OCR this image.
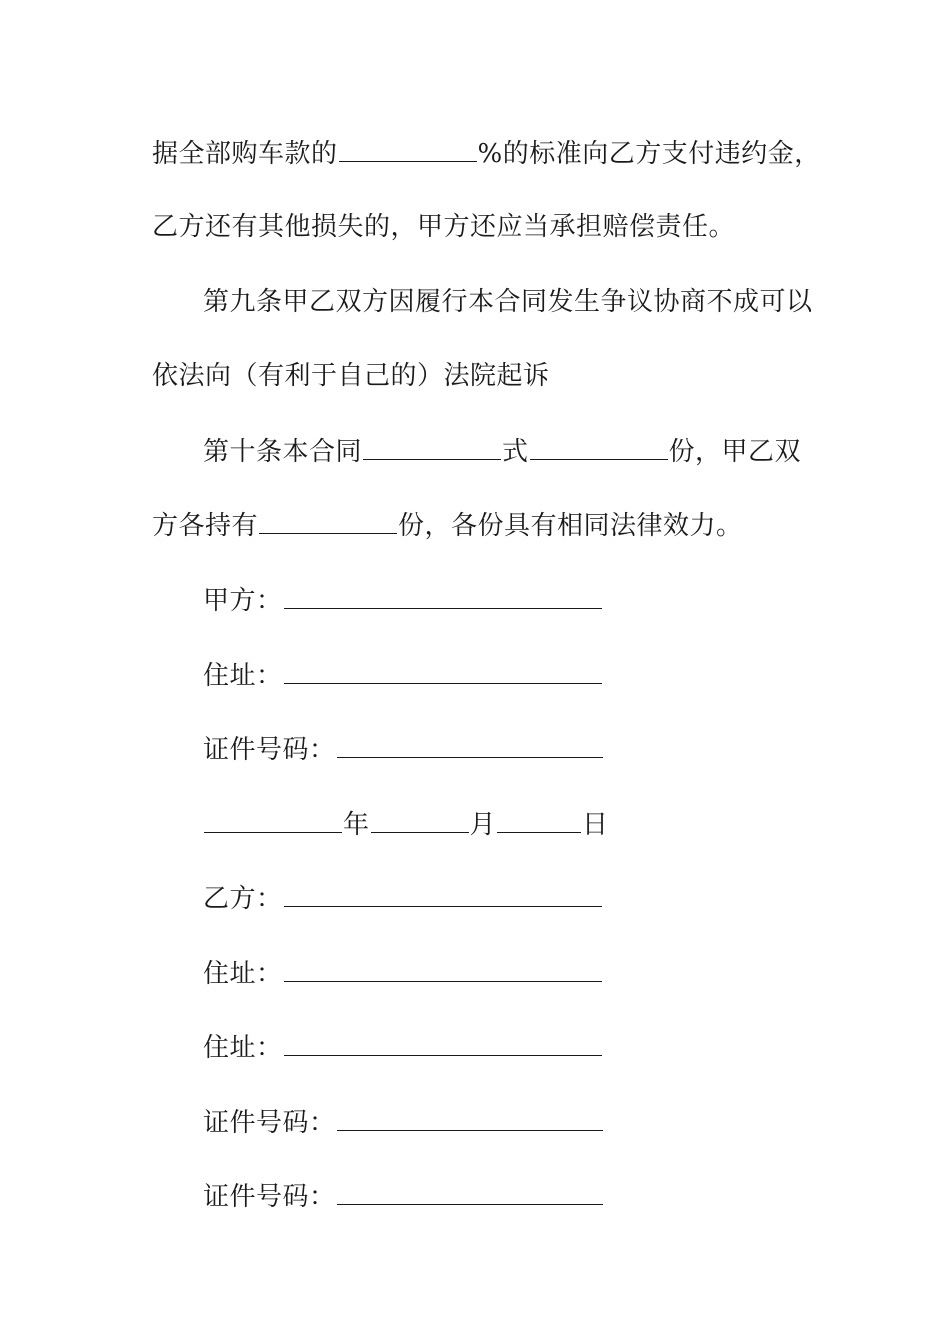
据全部购车款的	%的标准向乙方支付违约金，
乙方还有其他损失的，甲方还应当承担赔偿责任。
第九条甲乙双方因履行本合同发生争议协商不成可以
依法向（有利于自己的）法院起诉
第十条本合同	式	份，甲乙双
方各持有	份，各份具有相同法律效力。
甲方：
住址：
证件号码：
年	月	日
乙方：
住址：
住址：
证件号码：
证件号码：
